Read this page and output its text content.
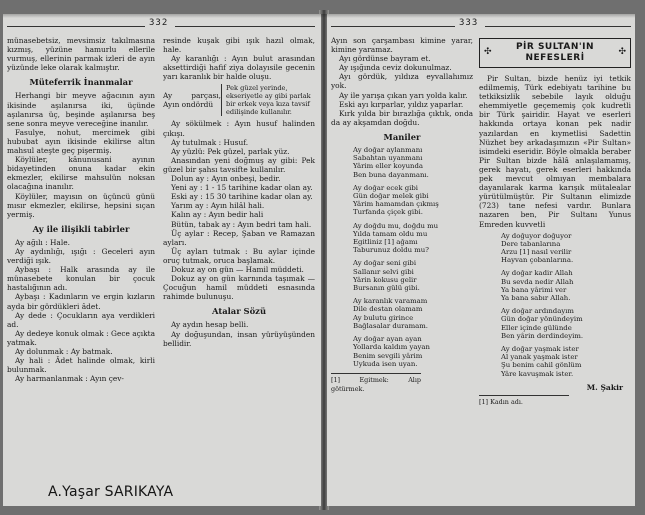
332

münasebetsiz, mevsimsiz takılmasına kızmış, yüzüne hamurlu ellerile vurmuş, ellerinin parmak izleri de ayın yüzünde leke olarak kalmıştır.

Müteferrik İnanmalar

Herhangi bir meyve ağacının ayın ikisinde aşılanırsa iki, üçünde aşılanırsa üç, beşinde aşılanırsa beş sene sonra meyve vereceğine inanılır.

Fasulye, nohut, mercimek gibi hububat ayın ikisinde ekilirse altın mahsul ateşte geç pişermiş.

Köylüler, kânunusani ayının bidayetinden onuna kadar ekin ekmezler, ekilirse mahsulün noksan olacağına inanılır.

Köylüler, mayısın on üçüncü günü mısır ekmezler, ekilirse, hepsini sıçan yermiş.

Ay ile ilişikli tabirler

Ay ağılı : Hale.

Ay aydınlığı, ışığı : Geceleri ayın verdiği ışık.

Aybaşı : Halk arasında ay ile münasebete konulan bir çocuk hastalığının adı.

Aybaşı : Kadınların ve ergin kızların ayda bir gördükleri âdet.

Ay dede : Çocukların aya verdikleri ad.

Ay dedeye konuk olmak : Gece açıkta yatmak.

Ay dolunmak : Ay batmak.

Ay hali : Âdet halinde olmak, kirli bulunmak.

Ay harmanlanmak : Ayın çev-

resinde kuşak gibi ışık hazıl olmak, hale.

Ay karanlığı : Ayın bulut arasından aksettirdiği hafif ziya dolayısile gecenin yarı karanlık bir halde oluşu.

Ay parçası, Ayın ondördü
Pek güzel yerinde, ekseriyetle ay gibi parlak bir erkek veya kıza tavsif edilişinde kullanılır.

Ay sökülmek : Ayın husuf halinden çıkışı.

Ay tutulmak : Husuf.

Ay yüzlü: Pek güzel, parlak yüz.

Anasından yeni doğmuş ay gibi: Pek güzel bir şahsı tavsifte kullanılır.

Dolun ay : Ayın onbeşi, bedir.

Yeni ay : 1 - 15 tarihine kadar olan ay.

Eski ay : 15 30 tarihine kadar olan ay.

Yarım ay : Ayın hilâl hali.

Kalın ay : Ayın bedir hali

Bütün, tabak ay : Ayın bedri tam hali.

Üç aylar : Recep, Şaban ve Ramazan ayları.

Üç ayları tutmak : Bu aylar içinde oruç tutmak, oruca başlamak.

Dokuz ay on gün — Hamil müddeti.

Dokuz ay on gün karnında taşımak — Çocuğun hamil müddeti esnasında rahimde bulunuşu.

Atalar Sözü

Ay aydın hesap belli.

Ay doğuşundan, insan yürüyüşünden bellidir.

333

Ayın son çarşambası kimine yarar, kimine yaramaz.

Ayı gördünse bayram et.

Ay ışığında ceviz dokunulmaz.

Ayı gördük, yıldıza eyvallahımız yok.

Ay ile yarışa çıkan yarı yolda kalır.

Eski ayı kırparlar, yıldız yaparlar.

Kırk yılda bir bırazlığa çıktık, onda da ay akşamdan doğdu.

Maniler
Ay doğar aylanmanı
Sabahtan uyanmanı
Yârim eller koyunda
Ben buna dayanmanı.
Ay doğar ecek gibi
Gün doğar melek gibi
Yârim hamamdan çıkmış
Turfanda çiçek gibi.
Ay doğdu mu, doğdu mu
Yılda tamam oldu mu
Egitliniz [1] ağamı
Taburunuz doldu mu?
Ay doğar seni gibi
Sallanır selvi gibi
Yârin kokusu gelir
Bursanın gülü gibi.
Ay karanlık varamam
Dile destan olamam
Ay bulutu girince
Bağlasalar duramam.
Ay doğar ayan ayan
Yollarda kaldım yayan
Benim sevgili yârim
Uykuda isen uyan.

[1] Egitmek: Alıp götürmek.

✣
PİR SULTAN'IN
NEFESLERİ
✣

Pir Sultan, bizde henüz iyi tetkik edilmemiş, Türk edebiyatı tarihine bu tetkiksizlik sebebile layık olduğu ehemmiyetle geçememiş çok kudretli bir Türk şairidir. Hayat ve eserleri hakkında ortaya konan pek nadir yazılardan en kıymetlisi Sadettin Nüzhet bey arkadaşımızın «Pir Sultan» isimdeki eseridir. Böyle olmakla beraber Pir Sultan bizde hâlâ anlaşılamamış, gerek hayatı, gerek eserleri hakkında pek mevcut olmıyan membalara dayanılarak karma karışık mütalealar yürütülmüştür. Pir Sultanın elimizde (723) tane nefesi vardır. Bunlara nazaren ben, Pir Sultanı Yunus Emreden kuvvetli

Ay doğuyor doğuyor
Dere tabanlarına
Arzu [1] nasıl verilir
Hayvan çobanlarına.
Ay doğar kadir Allah
Bu sevda nedir Allah
Ya bana yârimi ver
Ya bana sabır Allah.
Ay doğar ardındayım
Gün doğar yönündeyim
Eller içinde gülünde
Ben yârin derdindeyim.
Ay doğar yaşmak ister
Al yanak yaşmak ister
Şu benim cahil gönlüm
Yâre kavuşmak ister.
M. Şakir

[1] Kadın adı.

A.Yaşar SARIKAYA
